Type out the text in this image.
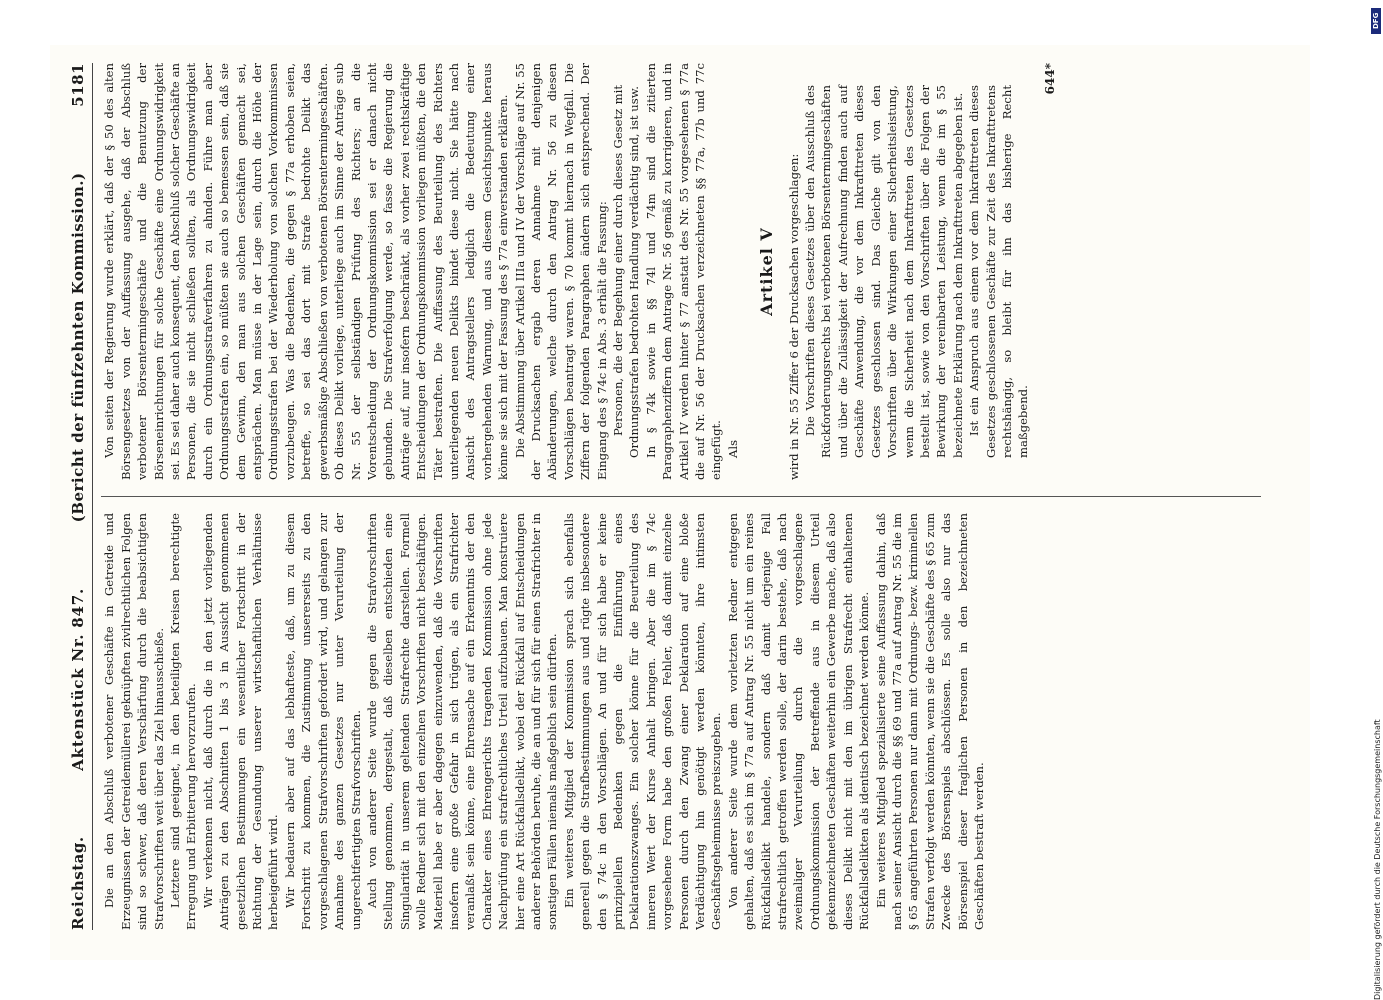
DFG
Digitalisierung gefördert durch die Deutsche Forschungsgemeinschaft
Reichstag.
Aktenstück Nr. 847.
(Bericht der fünfzehnten Kommission.)
5181

Die an den Abschluß verbotener Geschäfte in Getreide und Erzeugnissen der Getreidemüllerei geknüpften zivilrechtlichen Folgen sind so schwer, daß deren Verschärfung durch die beabsichtigten Strafvorschriften weit über das Ziel hinausschieße. Letztere sind geeignet, in den beteiligten Kreisen berechtigte Erregung und Erbitterung hervorzurufen. Wir verkennen nicht, daß durch die in den jetzt vorliegenden Anträgen zu den Abschnitten 1 bis 3 in Aussicht genommenen gesetzlichen Bestimmungen ein wesentlicher Fortschritt in der Richtung der Gesundung unserer wirtschaftlichen Verhältnisse herbeigeführt wird. Wir bedauern aber auf das lebhafteste, daß, um zu diesem Fortschritt zu kommen, die Zustimmung unsererseits zu den vorgeschlagenen Strafvorschriften gefordert wird, und gelangen zur Annahme des ganzen Gesetzes nur unter Verurteilung der ungerechtfertigten Strafvorschriften. Auch von anderer Seite wurde gegen die Strafvorschriften Stellung genommen, dergestalt, daß dieselben entschieden eine Singularität in unserem geltenden Strafrechte darstellen. Formell wolle Redner sich mit den einzelnen Vorschriften nicht beschäftigen. Materiell habe er aber dagegen einzuwenden, daß die Vorschriften insofern eine große Gefahr in sich trügen, als ein Strafrichter veranlaßt sein könne, eine Ehrensache auf ein Erkenntnis der den Charakter eines Ehrengerichts tragenden Kommission ohne jede Nachprüfung ein strafrechtliches Urteil aufzubauen. Man konstruiere hier eine Art Rückfallsdelikt, wobei der Rückfall auf Entscheidungen anderer Behörden beruhe, die an und für sich für einen Strafrichter in sonstigen Fällen niemals maßgeblich sein dürften. Ein weiteres Mitglied der Kommission sprach sich ebenfalls generell gegen die Strafbestimmungen aus und rügte insbesondere den § 74c in den Vorschlägen. An und für sich habe er keine prinzipiellen Bedenken gegen die Einführung eines Deklarationszwanges. Ein solcher könne für die Beurteilung des inneren Wert der Kurse Anhalt bringen. Aber die im § 74c vorgesehene Form habe den großen Fehler, daß damit einzelne Personen durch den Zwang einer Deklaration auf eine bloße Verdächtigung hin genötigt werden könnten, ihre intimsten Geschäftsgeheimnisse preiszugeben. Von anderer Seite wurde dem vorletzten Redner entgegen gehalten, daß es sich im § 77a auf Antrag Nr. 55 nicht um ein reines Rückfallsdelikt handele, sondern daß damit derjenige Fall strafrechtlich getroffen werden solle, der darin bestehe, daß nach zweimaliger Verurteilung durch die vorgeschlagene Ordnungskommission der Betreffende aus in diesem Urteil gekennzeichneten Geschäften weiterhin ein Gewerbe mache, daß also dieses Delikt nicht mit den im übrigen Strafrecht enthaltenen Rückfallsdelikten als identisch bezeichnet werden könne. Ein weiteres Mitglied spezialisierte seine Auffassung dahin, daß nach seiner Ansicht durch die §§ 69 und 77a auf Antrag Nr. 55 die im § 65 angeführten Personen nur dann mit Ordnungs- bezw. kriminellen Strafen verfolgt werden könnten, wenn sie die Geschäfte des § 65 zum Zwecke des Börsenspiels abschlössen. Es solle also nur das Börsenspiel dieser fraglichen Personen in den bezeichneten Geschäften bestraft werden.

Von seiten der Regierung wurde erklärt, daß der § 50 des alten Börsengesetzes von der Auffassung ausgehe, daß der Abschluß verbotener Börsentermingeschäfte und die Benutzung der Börseneinrichtungen für solche Geschäfte eine Ordnungswidrigkeit sei. Es sei daher auch konsequent, den Abschluß solcher Geschäfte an Personen, die sie nicht schließen sollten, als Ordnungswidrigkeit durch ein Ordnungsstrafverfahren zu ahnden. Führe man aber Ordnungsstrafen ein, so müßten sie auch so bemessen sein, daß sie dem Gewinn, den man aus solchen Geschäften gemacht sei, entsprächen. Man müsse in der Lage sein, durch die Höhe der Ordnungsstrafen bei der Wiederholung von solchen Vorkommnissen vorzubeugen. Was die Bedenken, die gegen § 77a erhoben seien, betreffe, so sei das dort mit Strafe bedrohte Delikt das gewerbsmäßige Abschließen von verbotenen Börsentermingeschäften. Ob dieses Delikt vorliege, unterliege auch im Sinne der Anträge sub Nr. 55 der selbständigen Prüfung des Richters; an die Vorentscheidung der Ordnungskommission sei er danach nicht gebunden. Die Strafverfolgung werde, so fasse die Regierung die Anträge auf, nur insofern beschränkt, als vorher zwei rechtskräftige Entscheidungen der Ordnungskommission vorliegen müßten, die den Täter bestraften. Die Auffassung des Beurteilung des Richters unterliegenden neuen Delikts bindet diese nicht. Sie hätte nach Ansicht des Antragstellers lediglich die Bedeutung einer vorhergehenden Warnung, und aus diesem Gesichtspunkte heraus könne sie sich mit der Fassung des § 77a einverstanden erklären. Die Abstimmung über Artikel IIIa und IV der Vorschläge auf Nr. 55 der Drucksachen ergab deren Annahme mit denjenigen Abänderungen, welche durch den Antrag Nr. 56 zu diesen Vorschlägen beantragt waren. § 70 kommt hiernach in Wegfall. Die Ziffern der folgenden Paragraphen ändern sich entsprechend. Der Eingang des § 74c in Abs. 3 erhält die Fassung: Personen, die der Begehung einer durch dieses Gesetz mit Ordnungsstrafen bedrohten Handlung verdächtig sind, ist usw. In § 74k sowie in §§ 74l und 74m sind die zitierten Paragraphenziffern dem Antrage Nr. 56 gemäß zu korrigieren, und in Artikel IV werden hinter § 77 anstatt des Nr. 55 vorgesehenen § 77a die auf Nr. 56 der Drucksachen verzeichneten §§ 77a, 77b und 77c eingefügt. Als

Artikel V wird in Nr. 55 Ziffer 6 der Drucksachen vorgeschlagen: Die Vorschriften dieses Gesetzes über den Ausschluß des Rückforderungsrechts bei verbotenen Börsentermingeschäften und über die Zulässigkeit der Aufrechnung finden auch auf Geschäfte Anwendung, die vor dem Inkrafttreten dieses Gesetzes geschlossen sind. Das Gleiche gilt von den Vorschriften über die Wirkungen einer Sicherheitsleistung, wenn die Sicherheit nach dem Inkrafttreten des Gesetzes bestellt ist, sowie von den Vorschriften über die Folgen der Bewirkung der vereinbarten Leistung, wenn die im § 55 bezeichnete Erklärung nach dem Inkrafttreten abgegeben ist. Ist ein Anspruch aus einem vor dem Inkrafttreten dieses Gesetzes geschlossenen Geschäfte zur Zeit des Inkrafttretens rechtshängig, so bleibt für ihn das bisherige Recht maßgebend.

644*
